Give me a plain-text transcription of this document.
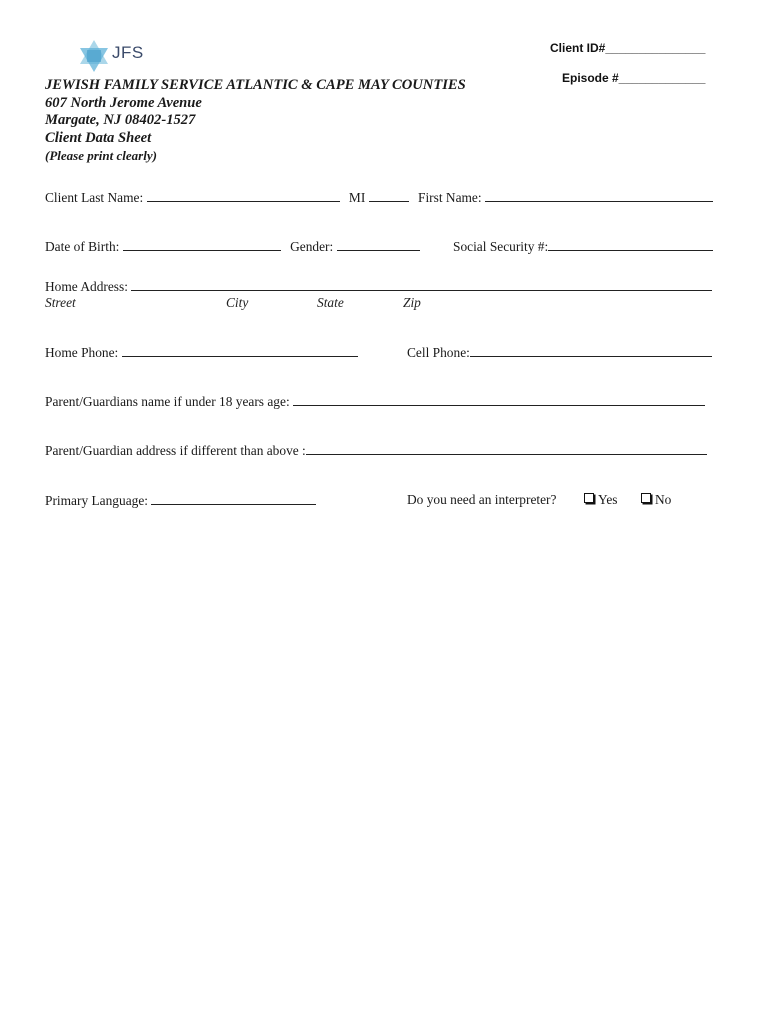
JFS	Client ID#_______________
Episode #_____________
JEWISH FAMILY SERVICE ATLANTIC & CAPE MAY COUNTIES
607 North Jerome Avenue
Margate, NJ 08402-1527
Client Data Sheet
(Please print clearly)
Client Last Name:	MI	First Name:
Date of Birth:	Gender:	Social Security #:
Home Address:
Street	City	State	Zip
Home Phone:	Cell Phone:
Parent/Guardians name if under 18 years age:
Parent/Guardian address if different than above :
Primary Language:	Do you need an interpreter?	Yes	No
